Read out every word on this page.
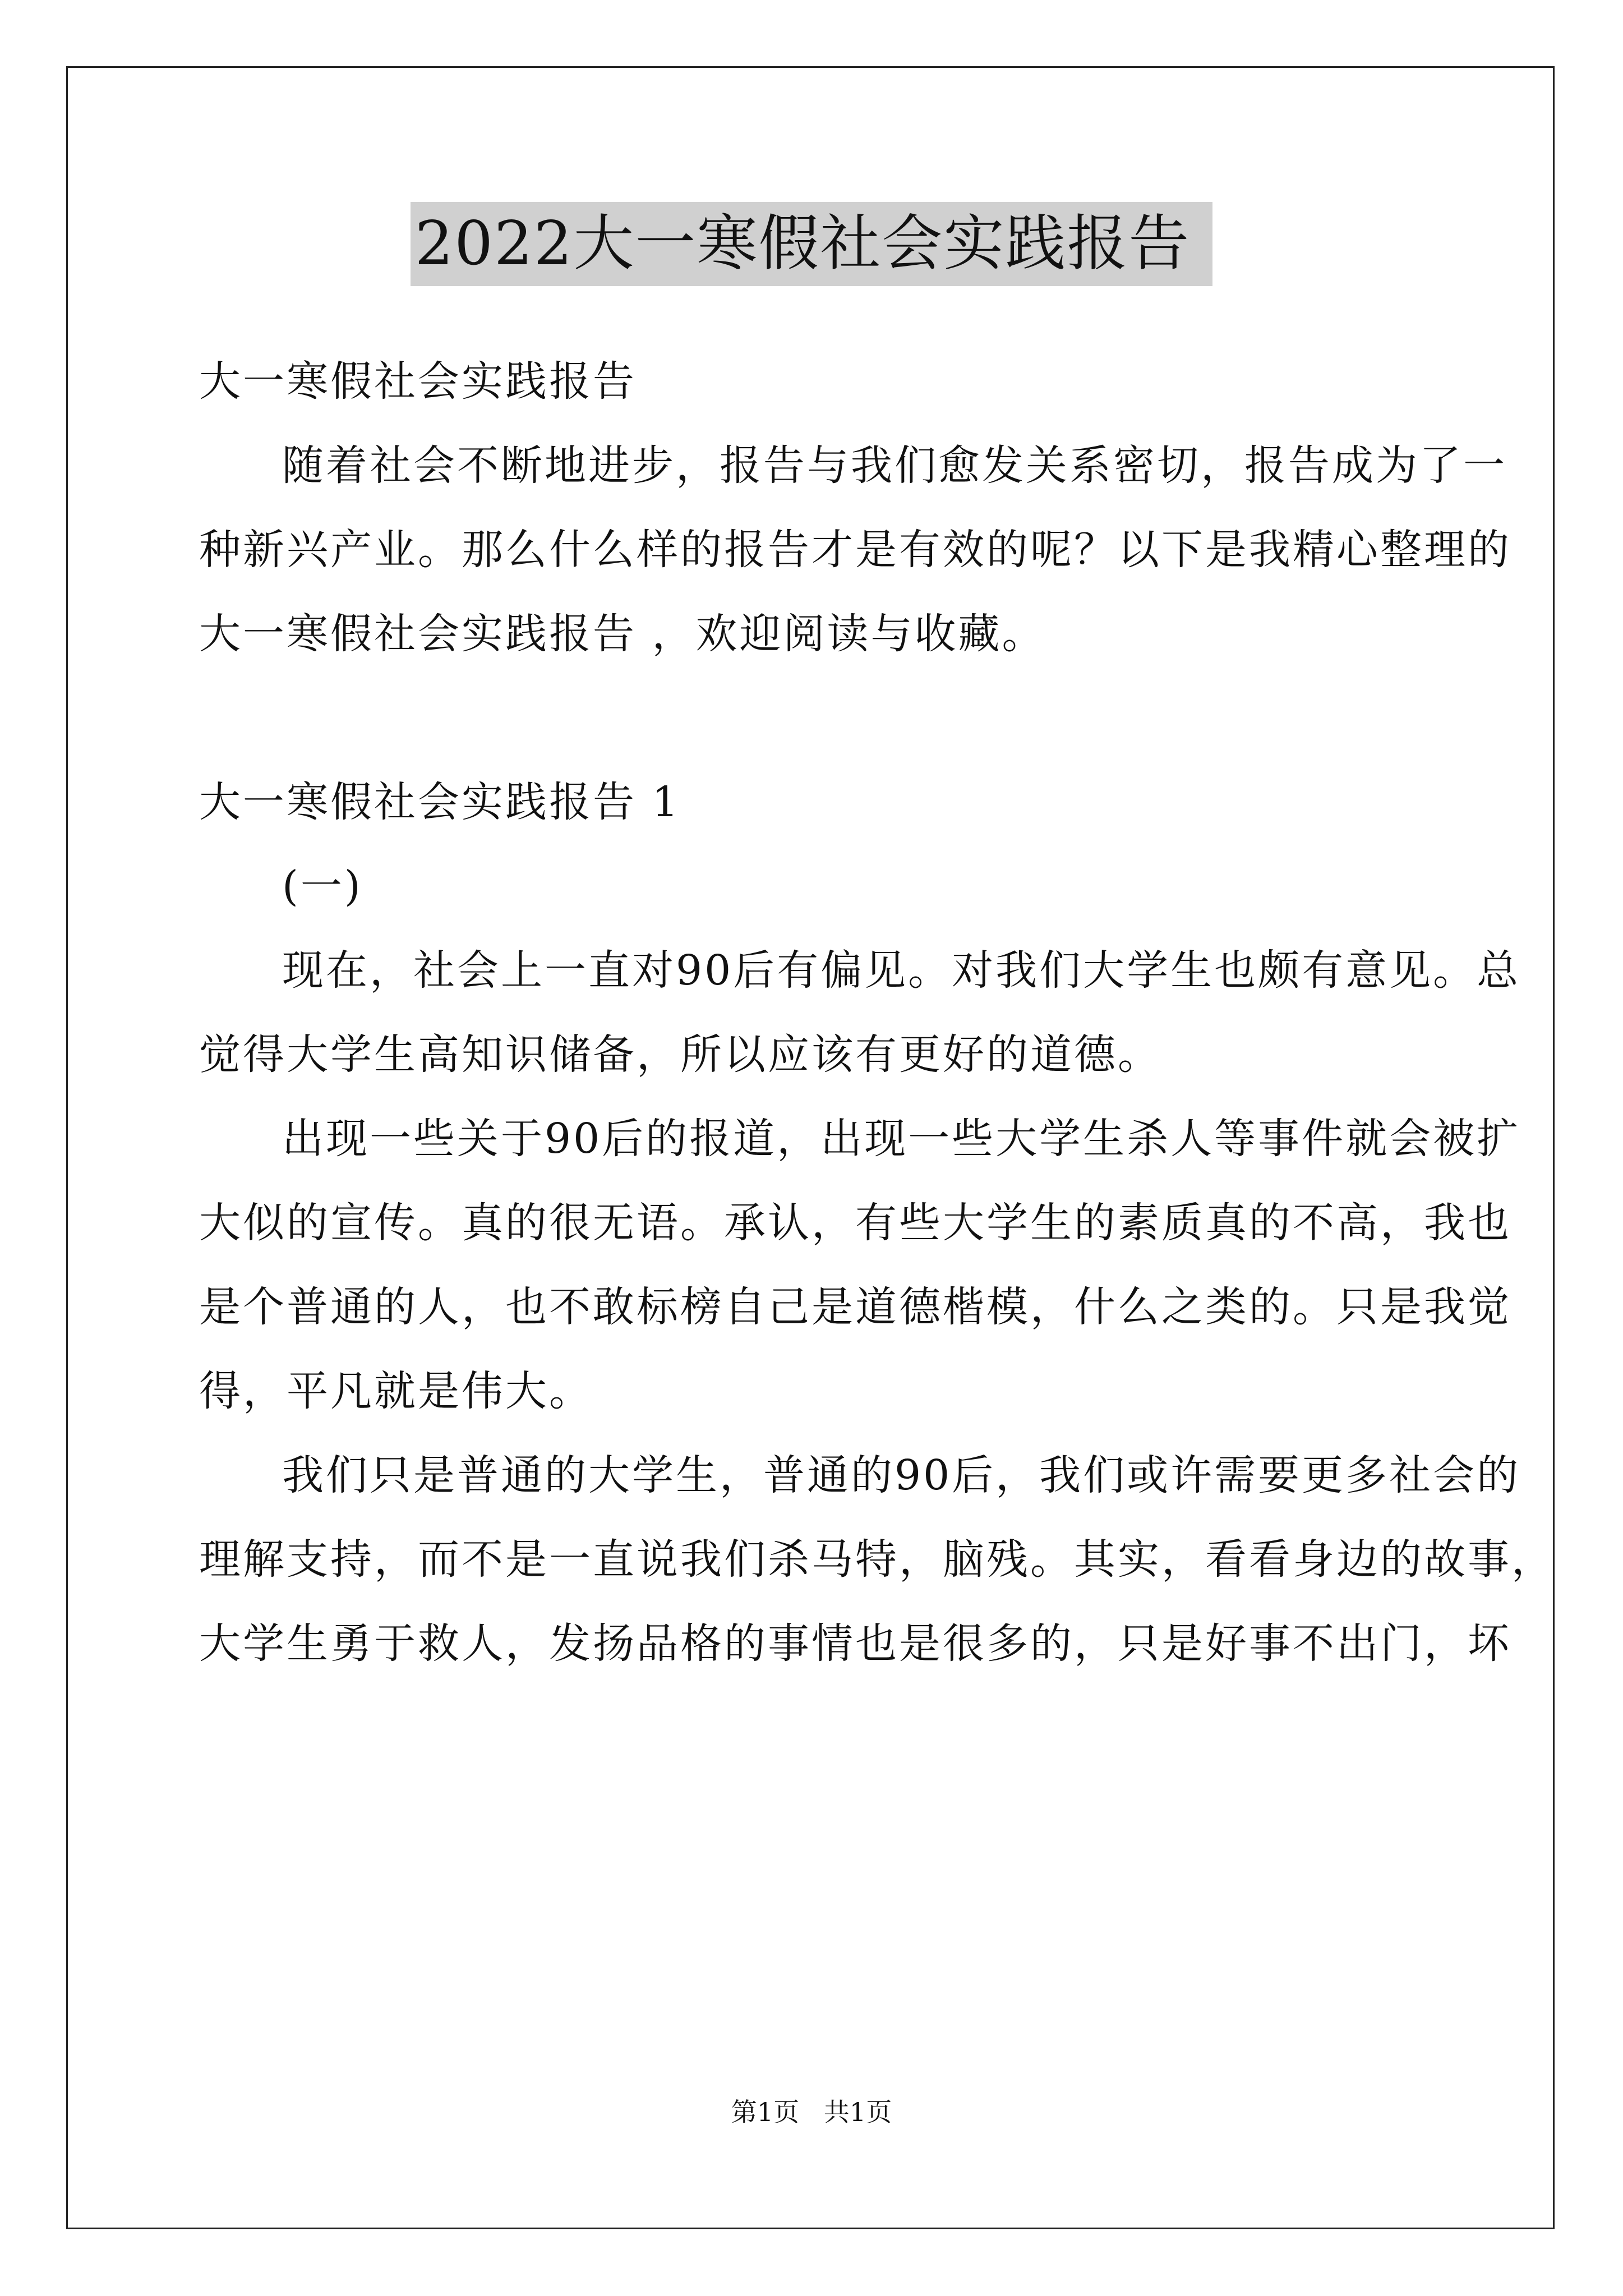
2022大一寒假社会实践报告
大一寒假社会实践报告
随着社会不断地进步，报告与我们愈发关系密切，报告成为了一
种新兴产业。那么什么样的报告才是有效的呢？以下是我精心整理的
大一寒假社会实践报告 ，欢迎阅读与收藏。
大一寒假社会实践报告 1
(一)
现在，社会上一直对90后有偏见。对我们大学生也颇有意见。总
觉得大学生高知识储备，所以应该有更好的道德。
出现一些关于90后的报道，出现一些大学生杀人等事件就会被扩
大似的宣传。真的很无语。承认，有些大学生的素质真的不高，我也
是个普通的人，也不敢标榜自己是道德楷模，什么之类的。只是我觉
得，平凡就是伟大。
我们只是普通的大学生，普通的90后，我们或许需要更多社会的
理解支持，而不是一直说我们杀马特，脑残。其实，看看身边的故事，
大学生勇于救人，发扬品格的事情也是很多的，只是好事不出门，坏
第1页   共1页
